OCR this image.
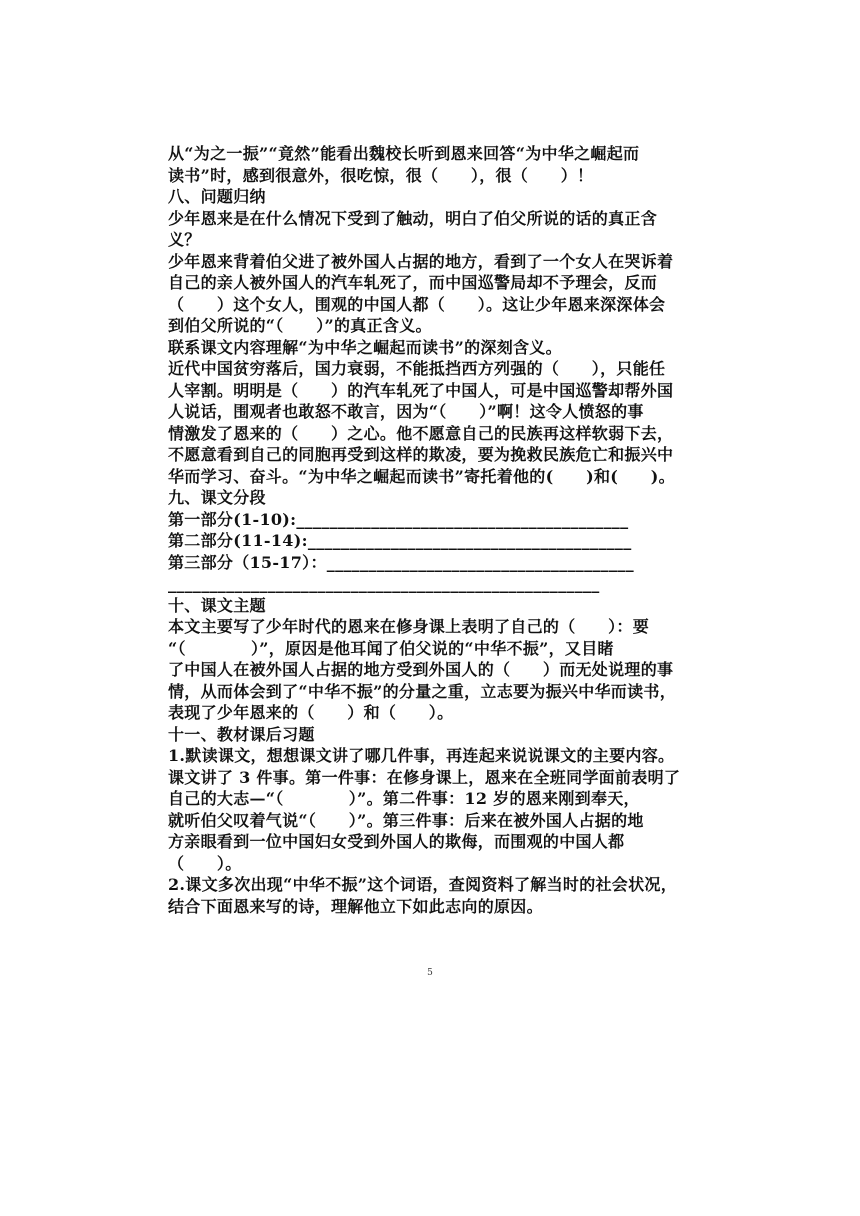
从“为之一振”“竟然”能看出魏校长听到恩来回答“为中华之崛起而
读书”时，感到很意外，很吃惊，很（　　），很（　　）！
八、问题归纳
少年恩来是在什么情况下受到了触动，明白了伯父所说的话的真正含
义？
少年恩来背着伯父进了被外国人占据的地方，看到了一个女人在哭诉着
自己的亲人被外国人的汽车轧死了，而中国巡警局却不予理会，反而
（　　）这个女人，围观的中国人都（　　）。这让少年恩来深深体会
到伯父所说的“（　　）”的真正含义。
联系课文内容理解“为中华之崛起而读书”的深刻含义。
近代中国贫穷落后，国力衰弱，不能抵挡西方列强的（　　），只能任
人宰割。明明是（　　）的汽车轧死了中国人，可是中国巡警却帮外国
人说话，围观者也敢怒不敢言，因为“（　　）”啊！这令人愤怒的事
情激发了恩来的（　　）之心。他不愿意自己的民族再这样软弱下去，
不愿意看到自己的同胞再受到这样的欺凌，要为挽救民族危亡和振兴中
华而学习、奋斗。“为中华之崛起而读书”寄托着他的(　　)和(　　)。
九、课文分段
第一部分(1-10):________________________________________
第二部分(11-14):_______________________________________
第三部分（15-17）：_____________________________________
____________________________________________________
十、课文主题
本文主要写了少年时代的恩来在修身课上表明了自己的（　　）：要
“（　　　　）”，原因是他耳闻了伯父说的“中华不振”，又目睹
了中国人在被外国人占据的地方受到外国人的（　　）而无处说理的事
情，从而体会到了“中华不振”的分量之重，立志要为振兴中华而读书，
表现了少年恩来的（　　）和（　　）。
十一、教材课后习题
1.默读课文，想想课文讲了哪几件事，再连起来说说课文的主要内容。
课文讲了 3 件事。第一件事：在修身课上，恩来在全班同学面前表明了
自己的大志—“（　　　　）”。第二件事：12 岁的恩来刚到奉天，
就听伯父叹着气说“（　　）”。第三件事：后来在被外国人占据的地
方亲眼看到一位中国妇女受到外国人的欺侮，而围观的中国人都
（　　）。
2.课文多次出现“中华不振”这个词语，查阅资料了解当时的社会状况，
结合下面恩来写的诗，理解他立下如此志向的原因。
5
